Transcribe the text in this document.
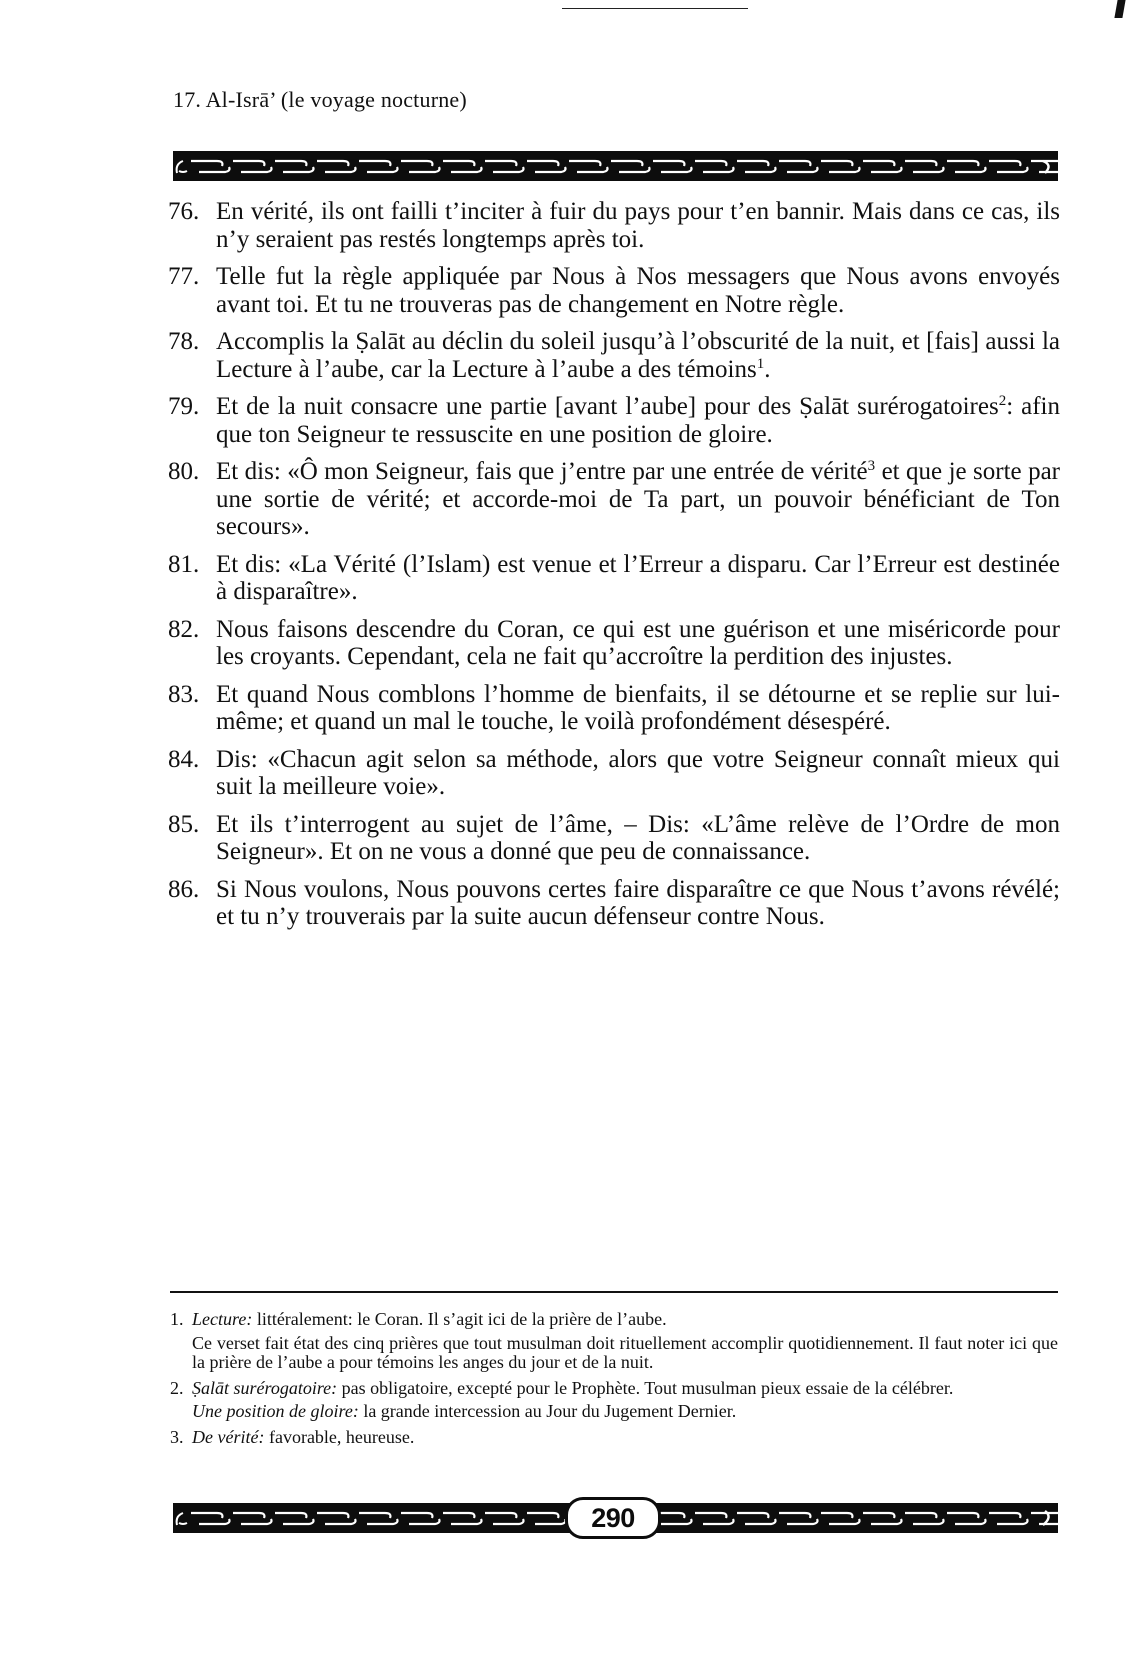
17. Al-Isrā’ (le voyage nocturne)
76. En vérité, ils ont failli t’inciter à fuir du pays pour t’en bannir. Mais dans ce cas, ils n’y seraient pas restés longtemps après toi.
77. Telle fut la règle appliquée par Nous à Nos messagers que Nous avons envoyés avant toi. Et tu ne trouveras pas de changement en Notre règle.
78. Accomplis la Ṣalāt au déclin du soleil jusqu’à l’obscurité de la nuit, et [fais] aussi la Lecture à l’aube, car la Lecture à l’aube a des témoins$^1$.
79. Et de la nuit consacre une partie [avant l’aube] pour des Ṣalāt surérogatoires$^2$: afin que ton Seigneur te ressuscite en une position de gloire.
80. Et dis: «Ô mon Seigneur, fais que j’entre par une entrée de vérité$^3$ et que je sorte par une sortie de vérité; et accorde-moi de Ta part, un pouvoir bénéficiant de Ton secours».
81. Et dis: «La Vérité (l’Islam) est venue et l’Erreur a disparu. Car l’Erreur est destinée à disparaître».
82. Nous faisons descendre du Coran, ce qui est une guérison et une miséricorde pour les croyants. Cependant, cela ne fait qu’accroître la perdition des injustes.
83. Et quand Nous comblons l’homme de bienfaits, il se détourne et se replie sur lui-même; et quand un mal le touche, le voilà profondément désespéré.
84. Dis: «Chacun agit selon sa méthode, alors que votre Seigneur connaît mieux qui suit la meilleure voie».
85. Et ils t’interrogent au sujet de l’âme, – Dis: «L’âme relève de l’Ordre de mon Seigneur». Et on ne vous a donné que peu de connaissance.
86. Si Nous voulons, Nous pouvons certes faire disparaître ce que Nous t’avons révélé; et tu n’y trouverais par la suite aucun défenseur contre Nous.
1. Lecture: littéralement: le Coran. Il s’agit ici de la prière de l’aube.
Ce verset fait état des cinq prières que tout musulman doit rituellement accomplir quotidiennement. Il faut noter ici que la prière de l’aube a pour témoins les anges du jour et de la nuit.
2. Ṣalāt surérogatoire: pas obligatoire, excepté pour le Prophète. Tout musulman pieux essaie de la célébrer.
Une position de gloire: la grande intercession au Jour du Jugement Dernier.
3. De vérité: favorable, heureuse.
290
